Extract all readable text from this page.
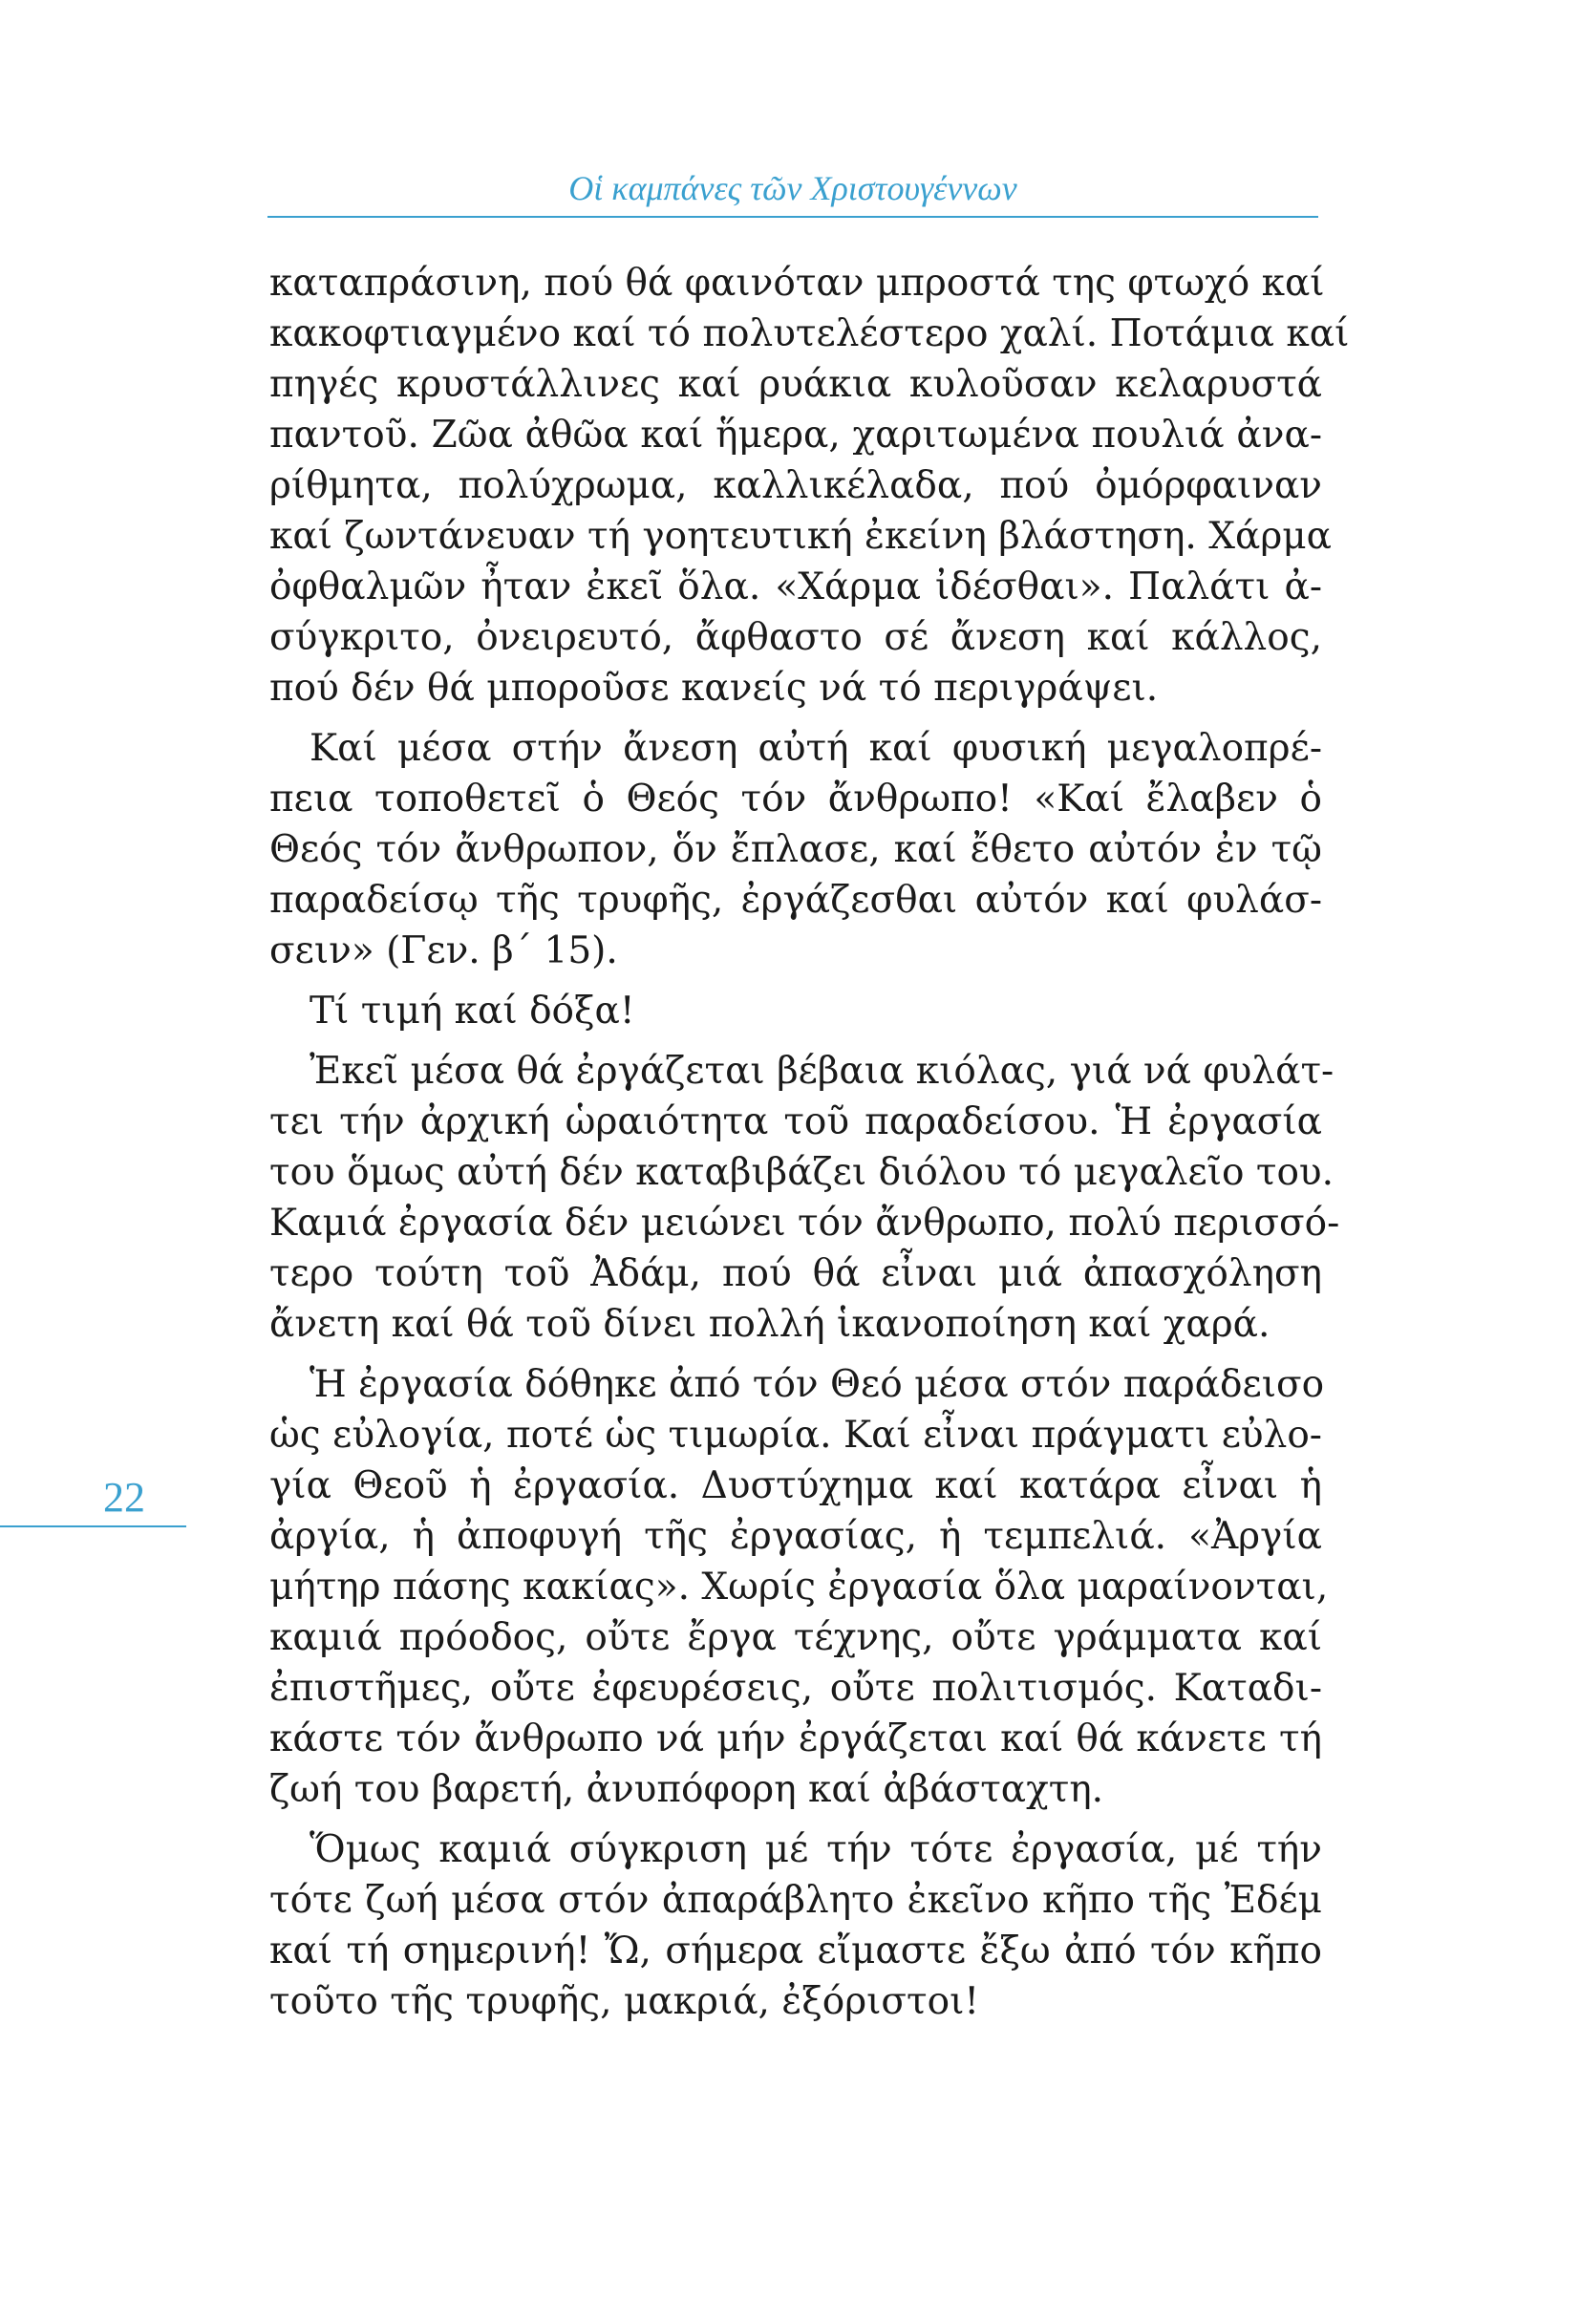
Οἱ καμπάνες τῶν Χριστουγέννων
καταπράσινη, πού θά φαινόταν μπροστά της φτωχό καί
κακοφτιαγμένο καί τό πολυτελέστερο χαλί. Ποτάμια καί
πηγές κρυστάλλινες καί ρυάκια κυλοῦσαν κελαρυστά
παντοῦ. Ζῶα ἀθῶα καί ἥμερα, χαριτωμένα πουλιά ἀνα-
ρίθμητα, πολύχρωμα, καλλικέλαδα, πού ὀμόρφαιναν
καί ζωντάνευαν τή γοητευτική ἐκείνη βλάστηση. Χάρμα
ὀφθαλμῶν ἦταν ἐκεῖ ὅλα. «Χάρμα ἰδέσθαι». Παλάτι ἀ-
σύγκριτο, ὀνειρευτό, ἄφθαστο σέ ἄνεση καί κάλλος,
πού δέν θά μποροῦσε κανείς νά τό περιγράψει.
Καί μέσα στήν ἄνεση αὐτή καί φυσική μεγαλοπρέ-
πεια τοποθετεῖ ὁ Θεός τόν ἄνθρωπο! «Καί ἔλαβεν ὁ
Θεός τόν ἄνθρωπον, ὅν ἔπλασε, καί ἔθετο αὐτόν ἐν τῷ
παραδείσῳ τῆς τρυφῆς, ἐργάζεσθαι αὐτόν καί φυλάσ-
σειν» (Γεν. β΄ 15).
Τί τιμή καί δόξα!
Ἐκεῖ μέσα θά ἐργάζεται βέβαια κιόλας, γιά νά φυλάτ-
τει τήν ἀρχική ὡραιότητα τοῦ παραδείσου. Ἡ ἐργασία
του ὅμως αὐτή δέν καταβιβάζει διόλου τό μεγαλεῖο του.
Καμιά ἐργασία δέν μειώνει τόν ἄνθρωπο, πολύ περισσό-
τερο τούτη τοῦ Ἀδάμ, πού θά εἶναι μιά ἀπασχόληση
ἄνετη καί θά τοῦ δίνει πολλή ἱκανοποίηση καί χαρά.
Ἡ ἐργασία δόθηκε ἀπό τόν Θεό μέσα στόν παράδεισο
ὡς εὐλογία, ποτέ ὡς τιμωρία. Καί εἶναι πράγματι εὐλο-
γία Θεοῦ ἡ ἐργασία. Δυστύχημα καί κατάρα εἶναι ἡ
ἀργία, ἡ ἀποφυγή τῆς ἐργασίας, ἡ τεμπελιά. «Ἀργία
μήτηρ πάσης κακίας». Χωρίς ἐργασία ὅλα μαραίνονται,
καμιά πρόοδος, οὔτε ἔργα τέχνης, οὔτε γράμματα καί
ἐπιστῆμες, οὔτε ἐφευρέσεις, οὔτε πολιτισμός. Καταδι-
κάστε τόν ἄνθρωπο νά μήν ἐργάζεται καί θά κάνετε τή
ζωή του βαρετή, ἀνυπόφορη καί ἀβάσταχτη.
Ὅμως καμιά σύγκριση μέ τήν τότε ἐργασία, μέ τήν
τότε ζωή μέσα στόν ἀπαράβλητο ἐκεῖνο κῆπο τῆς Ἐδέμ
καί τή σημερινή! Ὤ, σήμερα εἴμαστε ἔξω ἀπό τόν κῆπο
τοῦτο τῆς τρυφῆς, μακριά, ἐξόριστοι!
22
